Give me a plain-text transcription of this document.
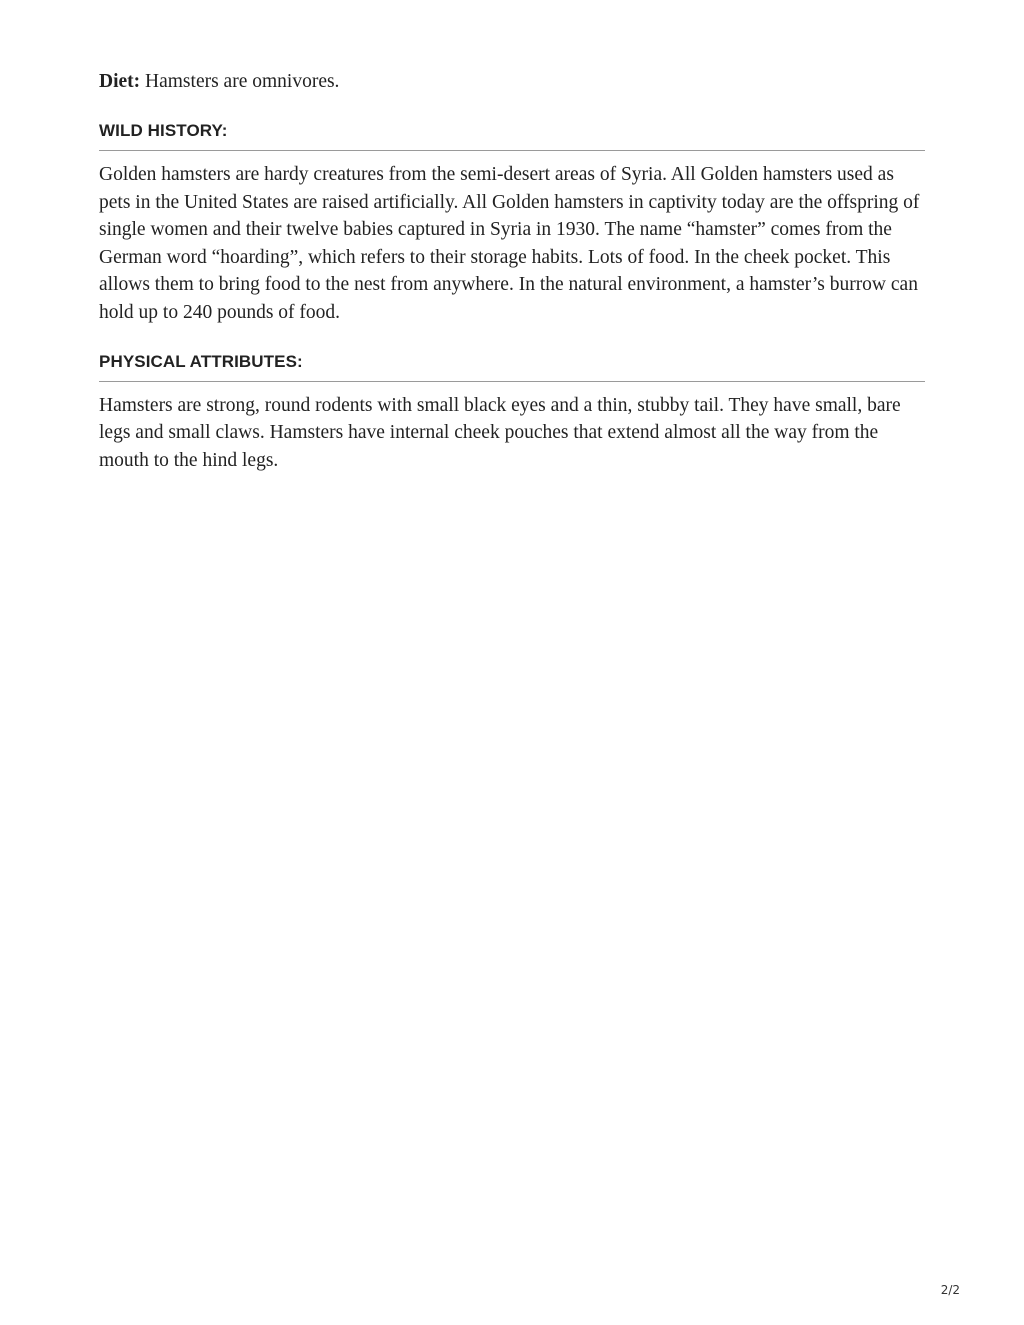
Diet: Hamsters are omnivores.

WILD HISTORY:

Golden hamsters are hardy creatures from the semi-desert areas of Syria. All Golden hamsters used as pets in the United States are raised artificially. All Golden hamsters in captivity today are the offspring of single women and their twelve babies captured in Syria in 1930. The name “hamster” comes from the German word “hoarding”, which refers to their storage habits. Lots of food. In the cheek pocket. This allows them to bring food to the nest from anywhere. In the natural environment, a hamster’s burrow can hold up to 240 pounds of food.

PHYSICAL ATTRIBUTES:

Hamsters are strong, round rodents with small black eyes and a thin, stubby tail. They have small, bare legs and small claws. Hamsters have internal cheek pouches that extend almost all the way from the mouth to the hind legs.

2/2
